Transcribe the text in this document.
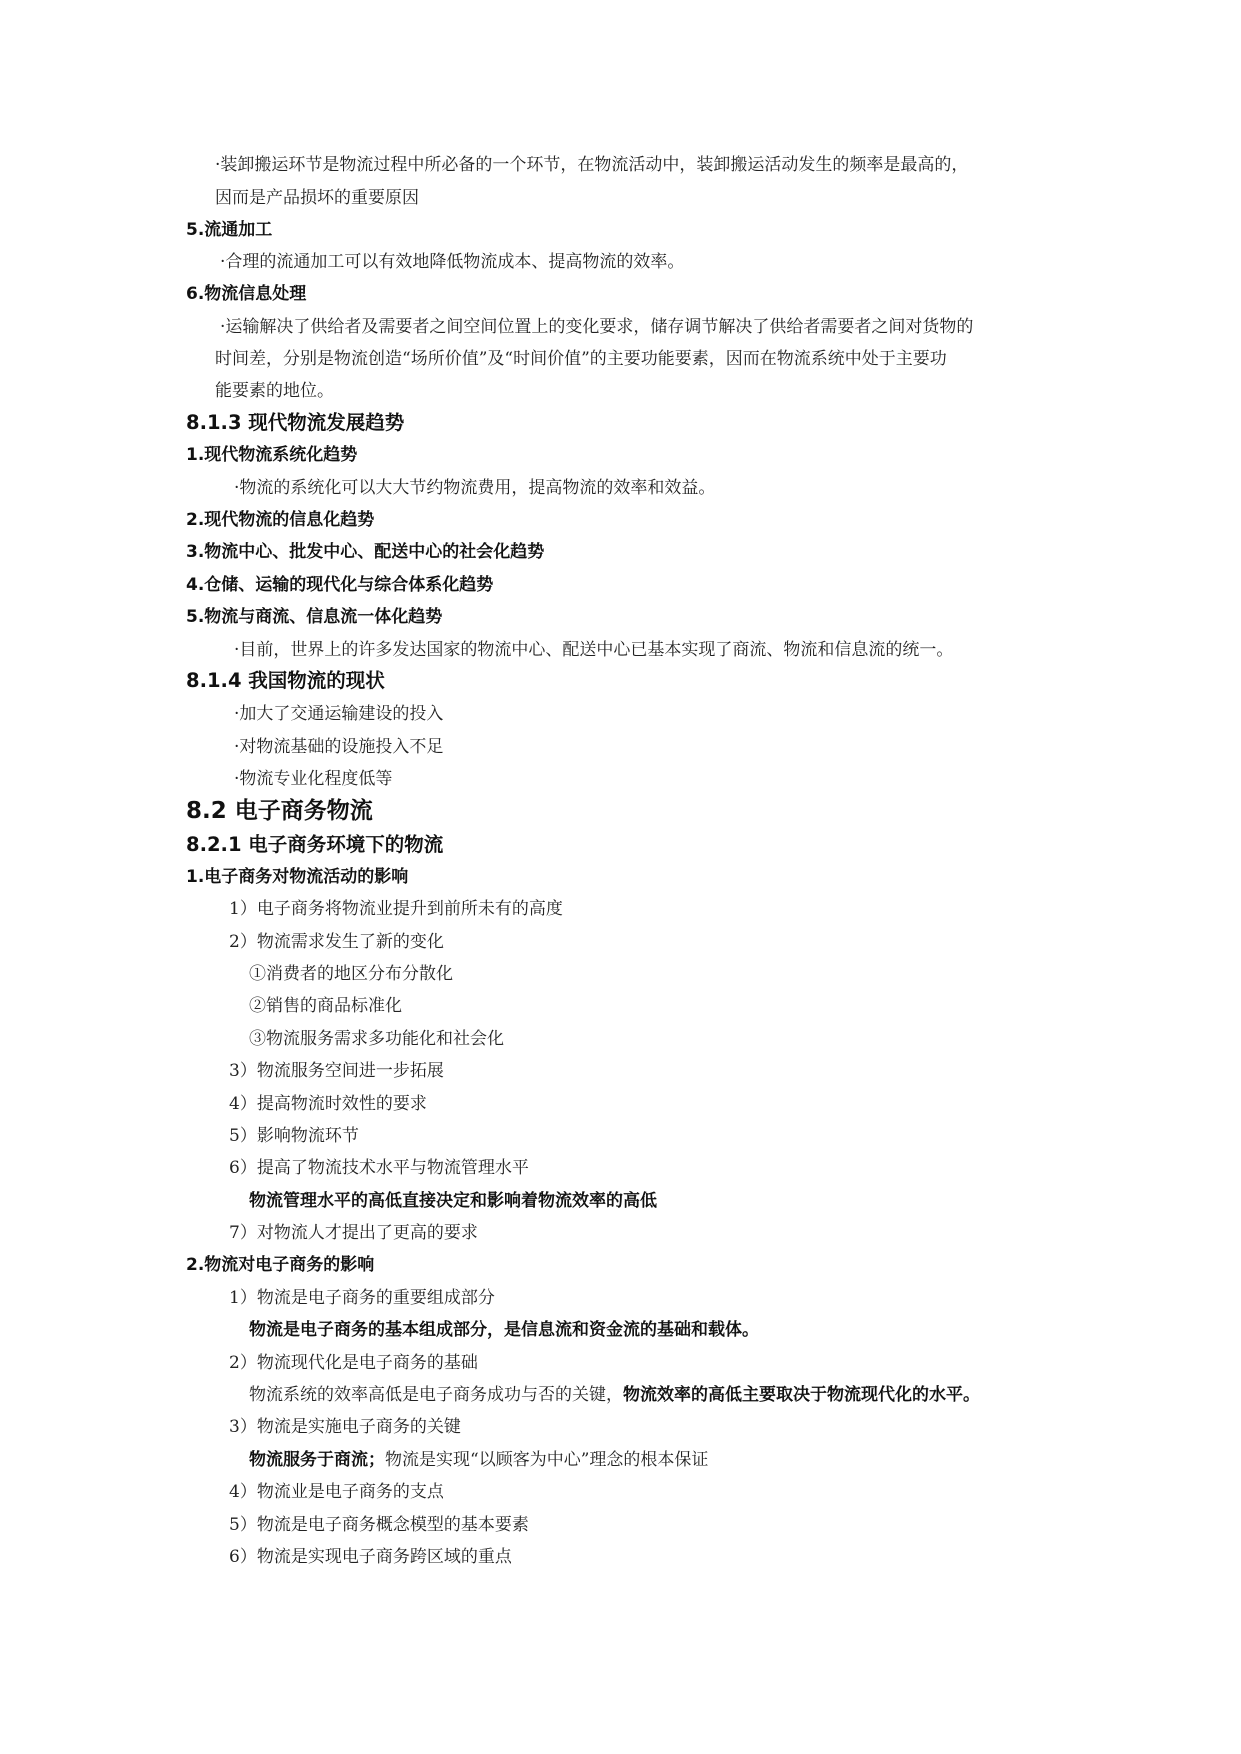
·装卸搬运环节是物流过程中所必备的一个环节，在物流活动中，装卸搬运活动发生的频率是最高的，
因而是产品损坏的重要原因
5.流通加工
·合理的流通加工可以有效地降低物流成本、提高物流的效率。
6.物流信息处理
·运输解决了供给者及需要者之间空间位置上的变化要求，储存调节解决了供给者需要者之间对货物的
时间差，分别是物流创造“场所价值”及“时间价值”的主要功能要素，因而在物流系统中处于主要功
能要素的地位。
8.1.3 现代物流发展趋势
1.现代物流系统化趋势
·物流的系统化可以大大节约物流费用，提高物流的效率和效益。
2.现代物流的信息化趋势
3.物流中心、批发中心、配送中心的社会化趋势
4.仓储、运输的现代化与综合体系化趋势
5.物流与商流、信息流一体化趋势
·目前，世界上的许多发达国家的物流中心、配送中心已基本实现了商流、物流和信息流的统一。
8.1.4 我国物流的现状
·加大了交通运输建设的投入
·对物流基础的设施投入不足
·物流专业化程度低等
8.2 电子商务物流
8.2.1 电子商务环境下的物流
1.电子商务对物流活动的影响
1）电子商务将物流业提升到前所未有的高度
2）物流需求发生了新的变化
①消费者的地区分布分散化
②销售的商品标准化
③物流服务需求多功能化和社会化
3）物流服务空间进一步拓展
4）提高物流时效性的要求
5）影响物流环节
6）提高了物流技术水平与物流管理水平
物流管理水平的高低直接决定和影响着物流效率的高低
7）对物流人才提出了更高的要求
2.物流对电子商务的影响
1）物流是电子商务的重要组成部分
物流是电子商务的基本组成部分，是信息流和资金流的基础和载体。
2）物流现代化是电子商务的基础
物流系统的效率高低是电子商务成功与否的关键，物流效率的高低主要取决于物流现代化的水平。
3）物流是实施电子商务的关键
物流服务于商流；物流是实现“以顾客为中心”理念的根本保证
4）物流业是电子商务的支点
5）物流是电子商务概念模型的基本要素
6）物流是实现电子商务跨区域的重点
